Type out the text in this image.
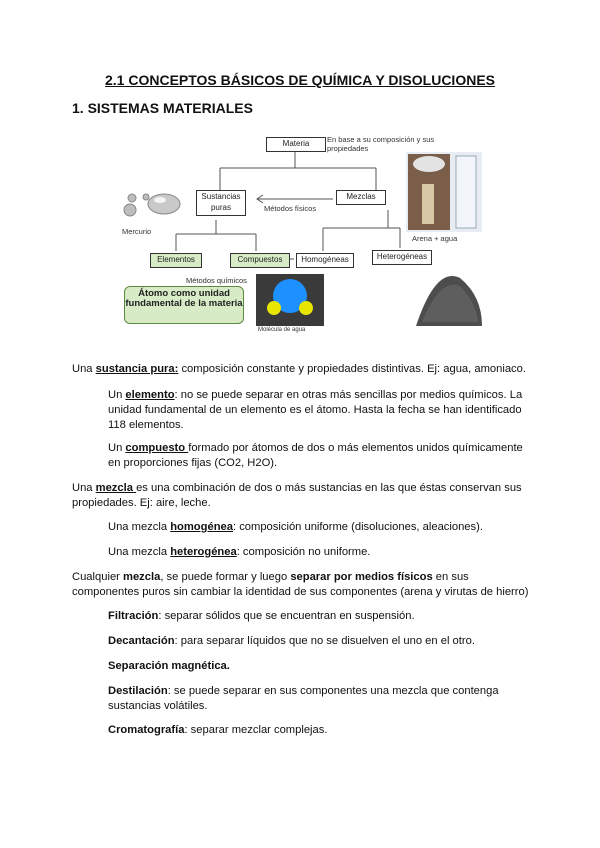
2.1 CONCEPTOS BÁSICOS DE QUÍMICA Y DISOLUCIONES
1. SISTEMAS MATERIALES
Materia	En base a su composición y sus propiedades
Sustancias puras
Mezclas
Métodos físicos
Mercurio
Arena + agua
Elementos	Compuestos	Homogéneas	Heterogéneas
Métodos químicos
Átomo como unidad fundamental de la materia
Molécula de agua
Una sustancia pura: composición constante y propiedades distintivas. Ej: agua, amoniaco.
Un elemento: no se puede separar en otras más sencillas por medios químicos. La unidad fundamental de un elemento es el átomo. Hasta la fecha se han identificado 118 elementos.
Un compuesto formado por átomos de dos o más elementos unidos químicamente en proporciones fijas (CO2, H2O).
Una mezcla es una combinación de dos o más sustancias en las que éstas conservan sus propiedades. Ej: aire, leche.
Una mezcla homogénea: composición uniforme (disoluciones, aleaciones).
Una mezcla heterogénea: composición no uniforme.
Cualquier mezcla, se puede formar y luego separar por medios físicos en sus componentes puros sin cambiar la identidad de sus componentes (arena y virutas de hierro)
Filtración: separar sólidos que se encuentran en suspensión.
Decantación: para separar líquidos que no se disuelven el uno en el otro.
Separación magnética.
Destilación: se puede separar en sus componentes una mezcla que contenga sustancias volátiles.
Cromatografía: separar mezclar complejas.
